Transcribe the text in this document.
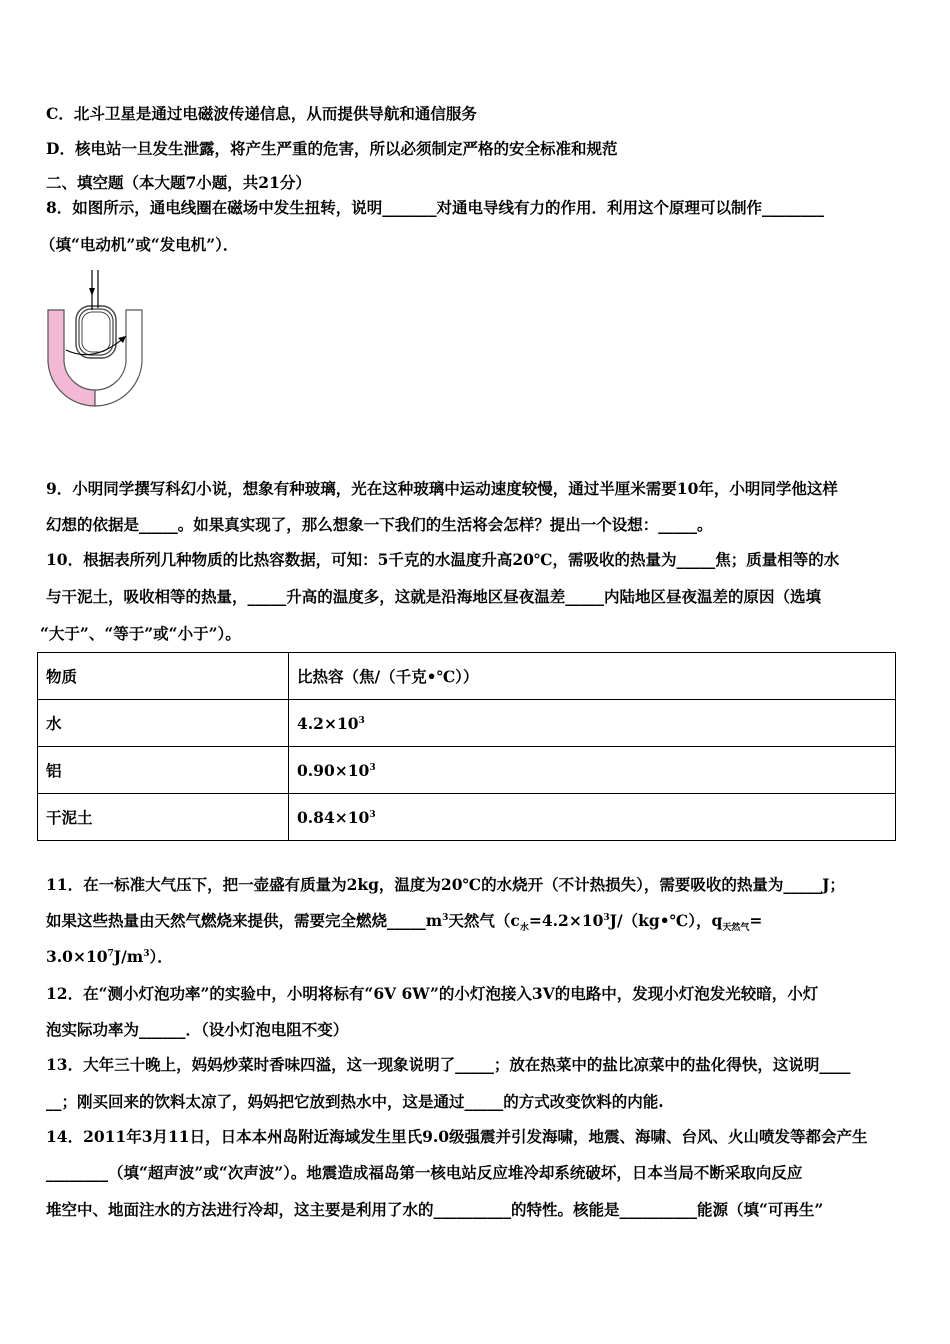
C．北斗卫星是通过电磁波传递信息，从而提供导航和通信服务
D．核电站一旦发生泄露，将产生严重的危害，所以必须制定严格的安全标准和规范
二、填空题（本大题7小题，共21分）
8．如图所示，通电线圈在磁场中发生扭转，说明_______对通电导线有力的作用．利用这个原理可以制作________
（填“电动机”或“发电机”）．
9．小明同学撰写科幻小说，想象有种玻璃，光在这种玻璃中运动速度较慢，通过半厘米需要10年，小明同学他这样
幻想的依据是_____。如果真实现了，那么想象一下我们的生活将会怎样？提出一个设想：_____。
10．根据表所列几种物质的比热容数据，可知：5千克的水温度升高20℃，需吸收的热量为_____焦；质量相等的水
与干泥土，吸收相等的热量，_____升高的温度多，这就是沿海地区昼夜温差_____内陆地区昼夜温差的原因（选填
“大于”、“等于”或“小于”）。
物质	比热容（焦/（千克•℃））
水	$4.2\times 10^3$
铝	$0.90\times 10^3$
干泥土	$0.84\times 10^3$
11．在一标准大气压下，把一壶盛有质量为2kg，温度为20℃的水烧开（不计热损失），需要吸收的热量为_____J；
如果这些热量由天然气燃烧来提供，需要完全燃烧$\_\_\_\_\_m^3$天然气（$c_水=4.2\times 10^3J/(kg•℃)$，$q_{天然气}=$
$3.0\times 10^7J/m^3$）．
12．在“测小灯泡功率”的实验中，小明将标有“6V 6W”的小灯泡接入3V的电路中，发现小灯泡发光较暗，小灯
泡实际功率为______．（设小灯泡电阻不变）
13．大年三十晚上，妈妈炒菜时香味四溢，这一现象说明了_____；放在热菜中的盐比凉菜中的盐化得快，这说明____
__；刚买回来的饮料太凉了，妈妈把它放到热水中，这是通过_____的方式改变饮料的内能.
14．2011年3月11日，日本本州岛附近海域发生里氏9.0级强震并引发海啸，地震、海啸、台风、火山喷发等都会产生
________（填“超声波”或“次声波”）。地震造成福岛第一核电站反应堆冷却系统破坏，日本当局不断采取向反应
堆空中、地面注水的方法进行冷却，这主要是利用了水的__________的特性。核能是__________能源（填“可再生”
